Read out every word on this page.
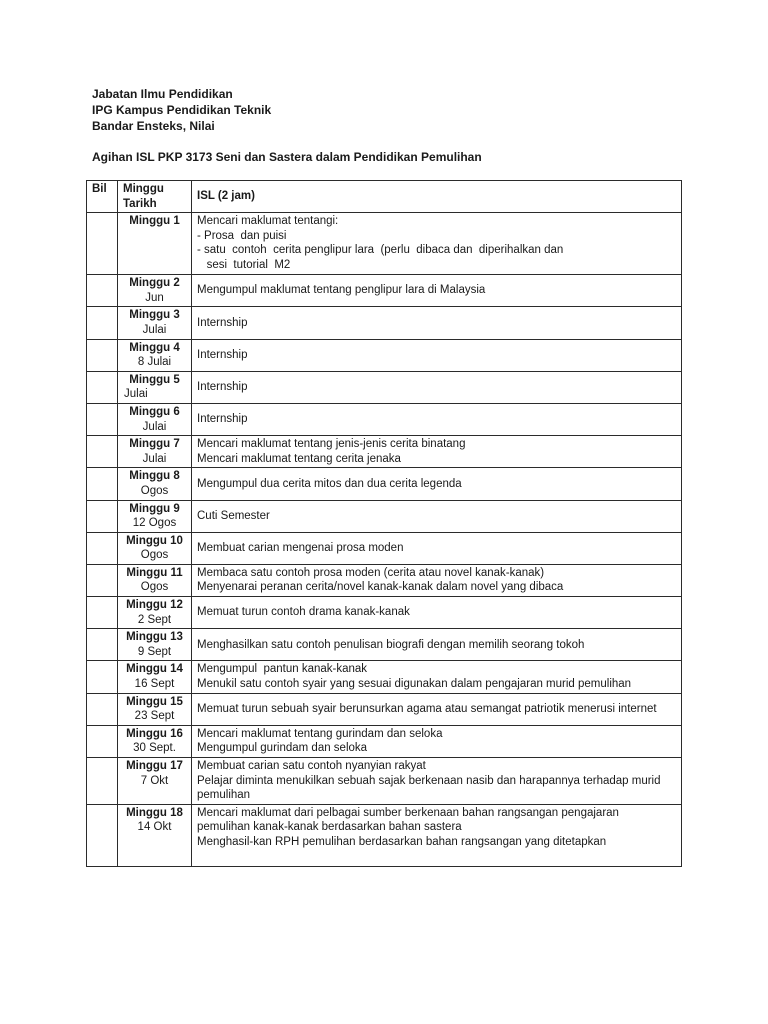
Jabatan Ilmu Pendidikan
IPG Kampus Pendidikan Teknik
Bandar Ensteks, Nilai
Agihan ISL PKP 3173 Seni dan Sastera dalam Pendidikan Pemulihan
Bil	Minggu
Tarikh	ISL (2 jam)

	Minggu 1	Mencari maklumat tentangi:
- Prosa  dan puisi
- satu  contoh  cerita penglipur lara  (perlu  dibaca dan  diperihalkan dan
sesi  tutorial  M2

	Minggu 2
Jun	Mengumpul maklumat tentang penglipur lara di Malaysia

	Minggu 3
Julai	Internship

	Minggu 4
8 Julai	Internship

	Minggu 5
Julai	Internship

	Minggu 6
Julai	Internship

	Minggu 7
Julai	Mencari maklumat tentang jenis-jenis cerita binatang
Mencari maklumat tentang cerita jenaka

	Minggu 8
Ogos	Mengumpul dua cerita mitos dan dua cerita legenda

	Minggu 9
12 Ogos	Cuti Semester

	Minggu 10
Ogos	Membuat carian mengenai prosa moden

	Minggu 11
Ogos	Membaca satu contoh prosa moden (cerita atau novel kanak-kanak)
Menyenarai peranan cerita/novel kanak-kanak dalam novel yang dibaca

	Minggu 12
2 Sept	Memuat turun contoh drama kanak-kanak

	Minggu 13
9 Sept	Menghasilkan satu contoh penulisan biografi dengan memilih seorang tokoh

	Minggu 14
16 Sept	Mengumpul  pantun kanak-kanak
Menukil satu contoh syair yang sesuai digunakan dalam pengajaran murid pemulihan

	Minggu 15
23 Sept	Memuat turun sebuah syair berunsurkan agama atau semangat patriotik menerusi internet

	Minggu 16
30 Sept.	Mencari maklumat tentang gurindam dan seloka
Mengumpul gurindam dan seloka

	Minggu 17
7 Okt	Membuat carian satu contoh nyanyian rakyat
Pelajar diminta menukilkan sebuah sajak berkenaan nasib dan harapannya terhadap murid
pemulihan

	Minggu 18
14 Okt	Mencari maklumat dari pelbagai sumber berkenaan bahan rangsangan pengajaran
pemulihan kanak-kanak berdasarkan bahan sastera
Menghasil-kan RPH pemulihan berdasarkan bahan rangsangan yang ditetapkan
